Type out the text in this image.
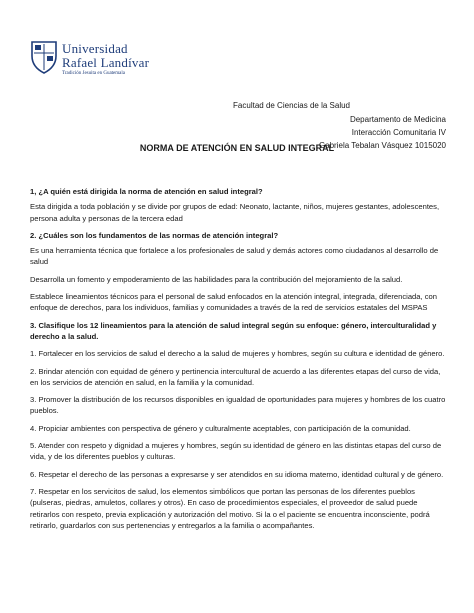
Universidad
Rafael Landívar
Tradición Jesuita en Guatemala
Facultad de Ciencias de la Salud
Departamento de Medicina
Interacción Comunitaria IV
Gabriela Tebalan Vásquez 1015020
NORMA DE ATENCIÓN EN SALUD INTEGRAL

1, ¿A quién está dirigida la norma de atención en salud integral?

Esta dirigida a toda población y se divide por grupos de edad: Neonato, lactante, niños, mujeres gestantes, adolescentes, persona adulta y personas de la tercera edad

2. ¿Cuáles son los fundamentos de las normas de atención integral?

Es una herramienta técnica que fortalece a los profesionales de salud y demás actores como ciudadanos al desarrollo de salud

Desarrolla un fomento y empoderamiento de las habilidades para la contribución del mejoramiento de la salud.

Establece lineamientos técnicos para el personal de salud enfocados en la atención integral, integrada, diferenciada, con enfoque de derechos, para los individuos, familias y comunidades a través de la red de servicios estatales del MSPAS

3. Clasifique los 12 lineamientos para la atención de salud integral según su enfoque: género, interculturalidad y derecho a la salud.

1. Fortalecer en los servicios de salud el derecho a la salud de mujeres y hombres, según su cultura e identidad de género.

2. Brindar atención con equidad de género y pertinencia intercultural de acuerdo a las diferentes etapas del curso de vida, en los servicios de atención en salud, en la familia y la comunidad.

3. Promover la distribución de los recursos disponibles en igualdad de oportunidades para mujeres y hombres de los cuatro pueblos.

4. Propiciar ambientes con perspectiva de género y culturalmente aceptables, con participación de la comunidad.

5. Atender con respeto y dignidad a mujeres y hombres, según su identidad de género en las distintas etapas del curso de vida, y de los diferentes pueblos y culturas.

6. Respetar el derecho de las personas a expresarse y ser atendidos en su idioma materno, identidad cultural y de género.

7. Respetar en los servicitos de salud, los elementos simbólicos que portan las personas de los diferentes pueblos (pulseras, piedras, amuletos, collares y otros). En caso de procedimientos especiales, el proveedor de salud puede retirarlos con respeto, previa explicación y autorización del motivo. Si la o el paciente se encuentra inconsciente, podrá retirarlo, guardarlos con sus pertenencias y entregarlos a la familia o acompañantes.
